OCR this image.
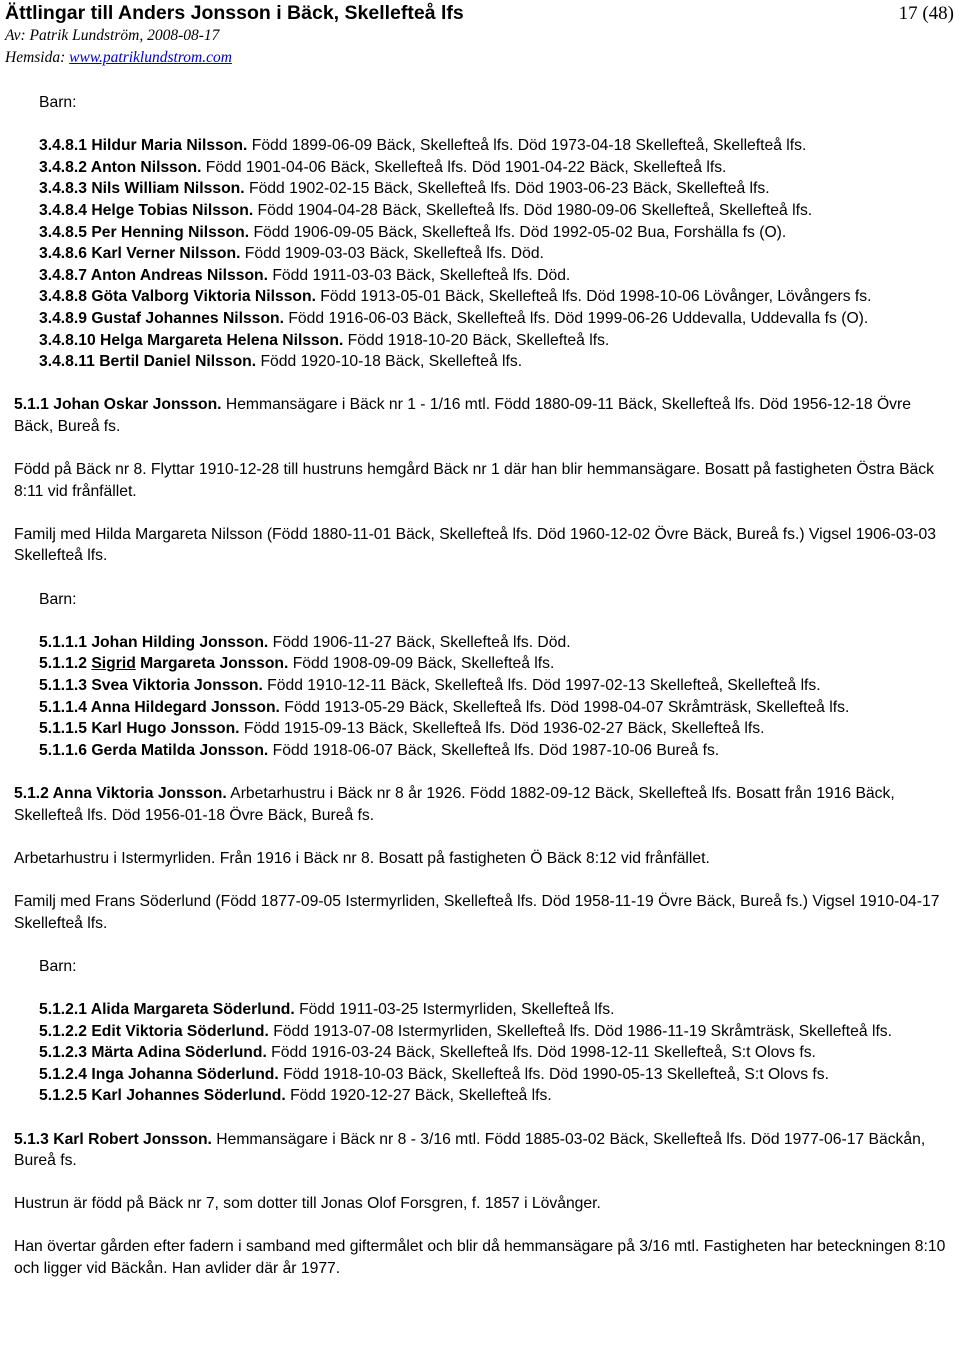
Ättlingar till Anders Jonsson i Bäck, Skellefteå lfs	17 (48)
Av: Patrik Lundström, 2008-08-17
Hemsida: www.patriklundstrom.com

Barn:

3.4.8.1 Hildur Maria Nilsson. Född 1899-06-09 Bäck, Skellefteå lfs. Död 1973-04-18 Skellefteå, Skellefteå lfs.

3.4.8.2 Anton Nilsson. Född 1901-04-06 Bäck, Skellefteå lfs. Död 1901-04-22 Bäck, Skellefteå lfs.

3.4.8.3 Nils William Nilsson. Född 1902-02-15 Bäck, Skellefteå lfs. Död 1903-06-23 Bäck, Skellefteå lfs.

3.4.8.4 Helge Tobias Nilsson. Född 1904-04-28 Bäck, Skellefteå lfs. Död 1980-09-06 Skellefteå, Skellefteå lfs.

3.4.8.5 Per Henning Nilsson. Född 1906-09-05 Bäck, Skellefteå lfs. Död 1992-05-02 Bua, Forshälla fs (O).

3.4.8.6 Karl Verner Nilsson. Född 1909-03-03 Bäck, Skellefteå lfs. Död.

3.4.8.7 Anton Andreas Nilsson. Född 1911-03-03 Bäck, Skellefteå lfs. Död.

3.4.8.8 Göta Valborg Viktoria Nilsson. Född 1913-05-01 Bäck, Skellefteå lfs. Död 1998-10-06 Lövånger, Lövångers fs.

3.4.8.9 Gustaf Johannes Nilsson. Född 1916-06-03 Bäck, Skellefteå lfs. Död 1999-06-26 Uddevalla, Uddevalla fs (O).

3.4.8.10 Helga Margareta Helena Nilsson. Född 1918-10-20 Bäck, Skellefteå lfs.

3.4.8.11 Bertil Daniel Nilsson. Född 1920-10-18 Bäck, Skellefteå lfs.

5.1.1 Johan Oskar Jonsson. Hemmansägare i Bäck nr 1 - 1/16 mtl. Född 1880-09-11 Bäck, Skellefteå lfs. Död 1956-12-18 Övre Bäck, Bureå fs.

Född på Bäck nr 8. Flyttar 1910-12-28 till hustruns hemgård Bäck nr 1 där han blir hemmansägare. Bosatt på fastigheten Östra Bäck 8:11 vid frånfället.

Familj med Hilda Margareta Nilsson (Född 1880-11-01 Bäck, Skellefteå lfs. Död 1960-12-02 Övre Bäck, Bureå fs.) Vigsel 1906-03-03 Skellefteå lfs.

Barn:

5.1.1.1 Johan Hilding Jonsson. Född 1906-11-27 Bäck, Skellefteå lfs. Död.

5.1.1.2 Sigrid Margareta Jonsson. Född 1908-09-09 Bäck, Skellefteå lfs.

5.1.1.3 Svea Viktoria Jonsson. Född 1910-12-11 Bäck, Skellefteå lfs. Död 1997-02-13 Skellefteå, Skellefteå lfs.

5.1.1.4 Anna Hildegard Jonsson. Född 1913-05-29 Bäck, Skellefteå lfs. Död 1998-04-07 Skråmträsk, Skellefteå lfs.

5.1.1.5 Karl Hugo Jonsson. Född 1915-09-13 Bäck, Skellefteå lfs. Död 1936-02-27 Bäck, Skellefteå lfs.

5.1.1.6 Gerda Matilda Jonsson. Född 1918-06-07 Bäck, Skellefteå lfs. Död 1987-10-06 Bureå fs.

5.1.2 Anna Viktoria Jonsson. Arbetarhustru i Bäck nr 8 år 1926. Född 1882-09-12 Bäck, Skellefteå lfs. Bosatt från 1916 Bäck, Skellefteå lfs. Död 1956-01-18 Övre Bäck, Bureå fs.

Arbetarhustru i Istermyrliden. Från 1916 i Bäck nr 8. Bosatt på fastigheten Ö Bäck 8:12 vid frånfället.

Familj med Frans Söderlund (Född 1877-09-05 Istermyrliden, Skellefteå lfs. Död 1958-11-19 Övre Bäck, Bureå fs.) Vigsel 1910-04-17 Skellefteå lfs.

Barn:

5.1.2.1 Alida Margareta Söderlund. Född 1911-03-25 Istermyrliden, Skellefteå lfs.

5.1.2.2 Edit Viktoria Söderlund. Född 1913-07-08 Istermyrliden, Skellefteå lfs. Död 1986-11-19 Skråmträsk, Skellefteå lfs.

5.1.2.3 Märta Adina Söderlund. Född 1916-03-24 Bäck, Skellefteå lfs. Död 1998-12-11 Skellefteå, S:t Olovs fs.

5.1.2.4 Inga Johanna Söderlund. Född 1918-10-03 Bäck, Skellefteå lfs. Död 1990-05-13 Skellefteå, S:t Olovs fs.

5.1.2.5 Karl Johannes Söderlund. Född 1920-12-27 Bäck, Skellefteå lfs.

5.1.3 Karl Robert Jonsson. Hemmansägare i Bäck nr 8 - 3/16 mtl. Född 1885-03-02 Bäck, Skellefteå lfs. Död 1977-06-17 Bäckån, Bureå fs.

Hustrun är född på Bäck nr 7, som dotter till Jonas Olof Forsgren, f. 1857 i Lövånger.

Han övertar gården efter fadern i samband med giftermålet och blir då hemmansägare på 3/16 mtl. Fastigheten har beteckningen 8:10 och ligger vid Bäckån. Han avlider där år 1977.
